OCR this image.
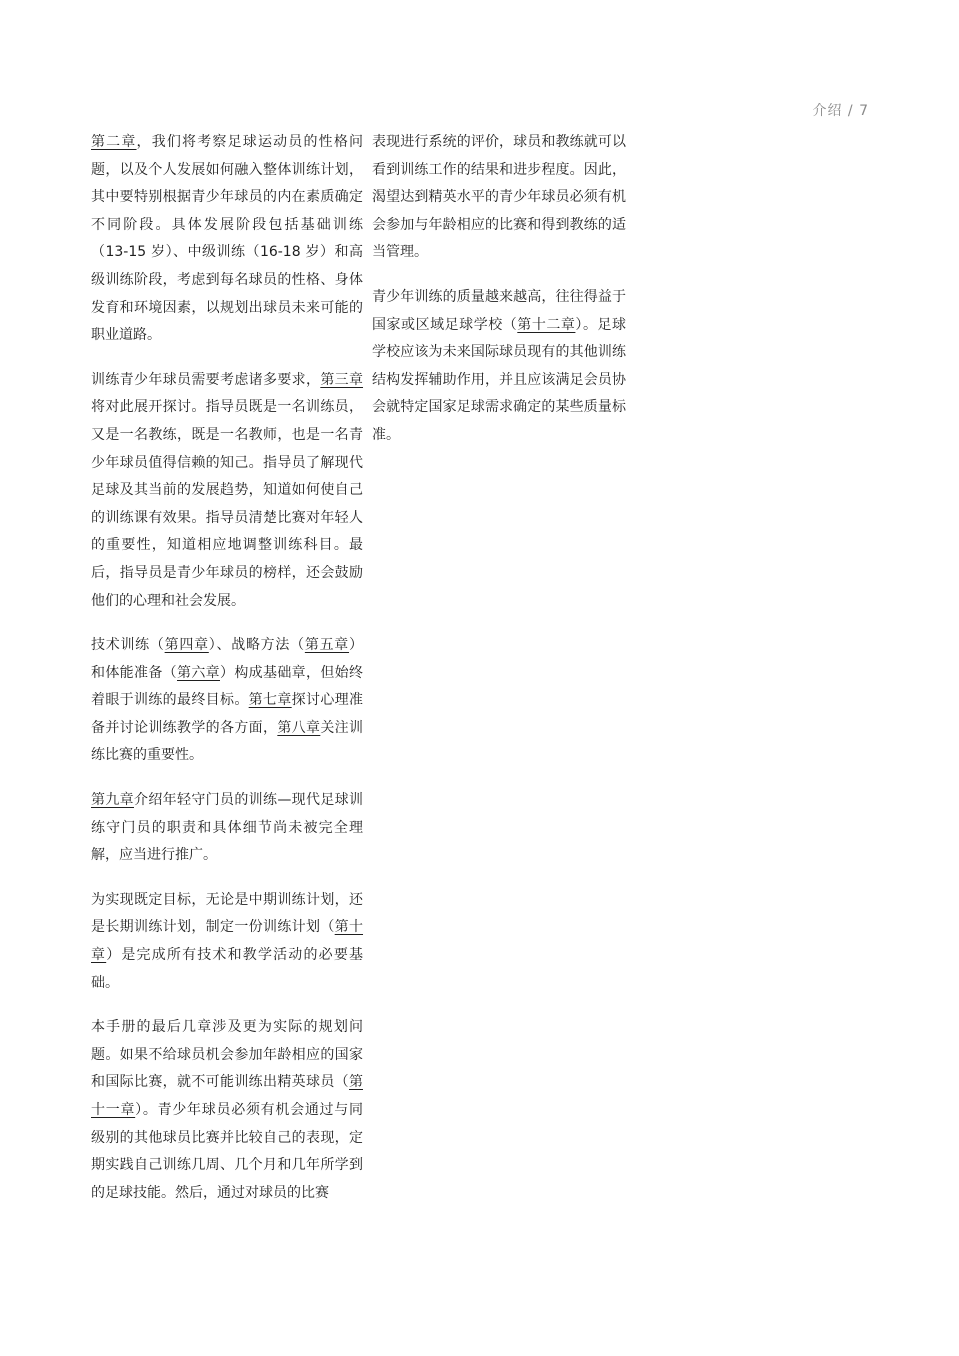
介绍 / 7

第二章，我们将考察足球运动员的性格问题，以及个人发展如何融入整体训练计划，其中要特别根据青少年球员的内在素质确定不同阶段。具体发展阶段包括基础训练（13-15 岁）、中级训练（16-18 岁）和高级训练阶段，考虑到每名球员的性格、身体发育和环境因素，以规划出球员未来可能的职业道路。

训练青少年球员需要考虑诸多要求，第三章将对此展开探讨。指导员既是一名训练员，又是一名教练，既是一名教师，也是一名青少年球员值得信赖的知己。指导员了解现代足球及其当前的发展趋势，知道如何使自己的训练课有效果。指导员清楚比赛对年轻人的重要性，知道相应地调整训练科目。最后，指导员是青少年球员的榜样，还会鼓励他们的心理和社会发展。

技术训练（第四章）、战略方法（第五章）和体能准备（第六章）构成基础章，但始终着眼于训练的最终目标。第七章探讨心理准备并讨论训练教学的各方面，第八章关注训练比赛的重要性。

第九章介绍年轻守门员的训练—现代足球训练守门员的职责和具体细节尚未被完全理解，应当进行推广。

为实现既定目标，无论是中期训练计划，还是长期训练计划，制定一份训练计划（第十章）是完成所有技术和教学活动的必要基础。

本手册的最后几章涉及更为实际的规划问题。如果不给球员机会参加年龄相应的国家和国际比赛，就不可能训练出精英球员（第十一章）。青少年球员必须有机会通过与同级别的其他球员比赛并比较自己的表现，定期实践自己训练几周、几个月和几年所学到的足球技能。然后，通过对球员的比赛

表现进行系统的评价，球员和教练就可以看到训练工作的结果和进步程度。因此，渴望达到精英水平的青少年球员必须有机会参加与年龄相应的比赛和得到教练的适当管理。

青少年训练的质量越来越高，往往得益于国家或区域足球学校（第十二章）。足球学校应该为未来国际球员现有的其他训练结构发挥辅助作用，并且应该满足会员协会就特定国家足球需求确定的某些质量标准。
